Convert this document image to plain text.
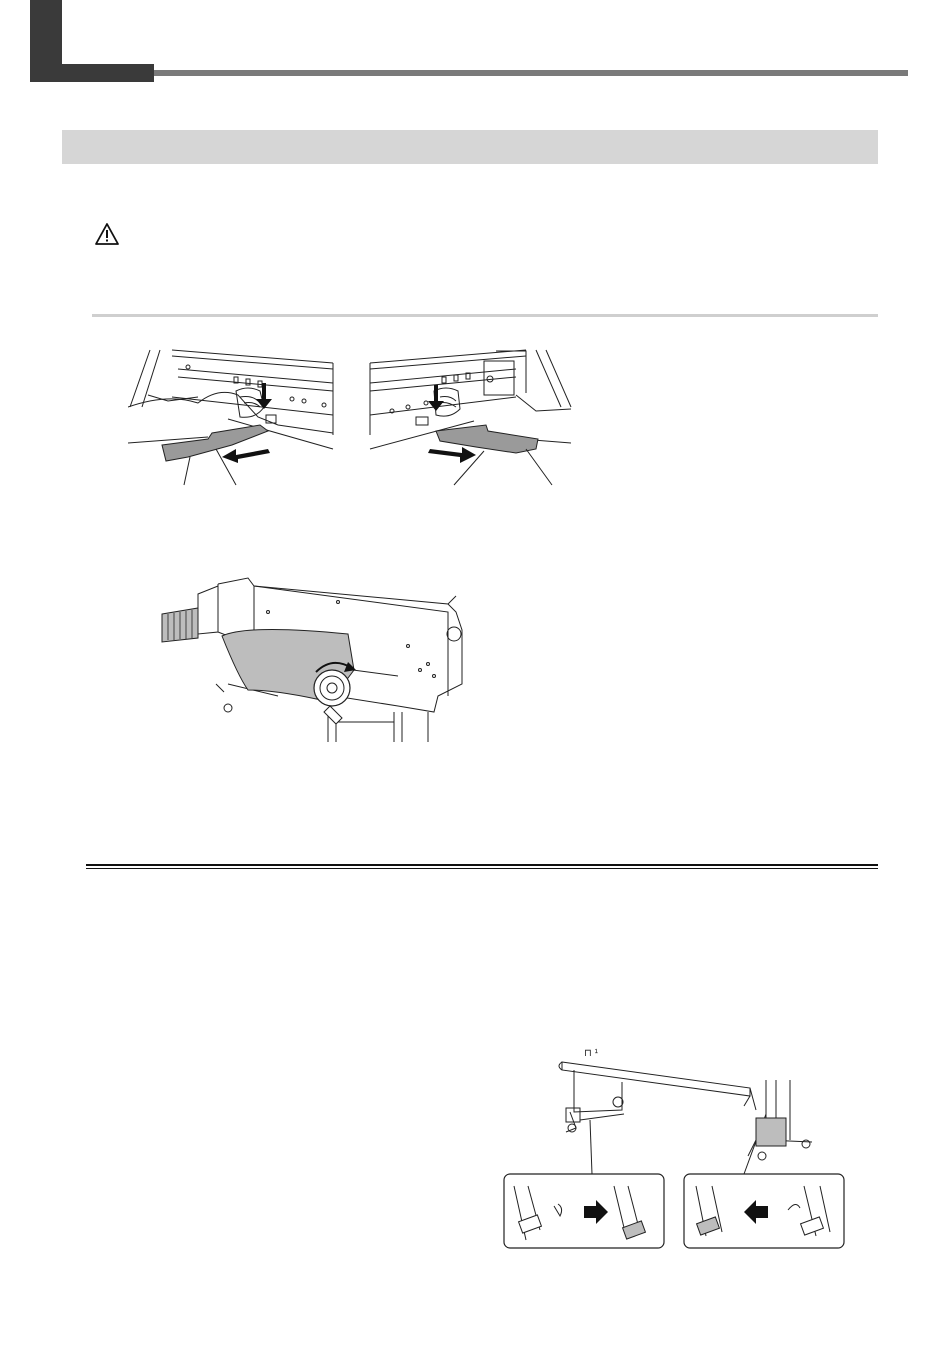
⊓ ¹
